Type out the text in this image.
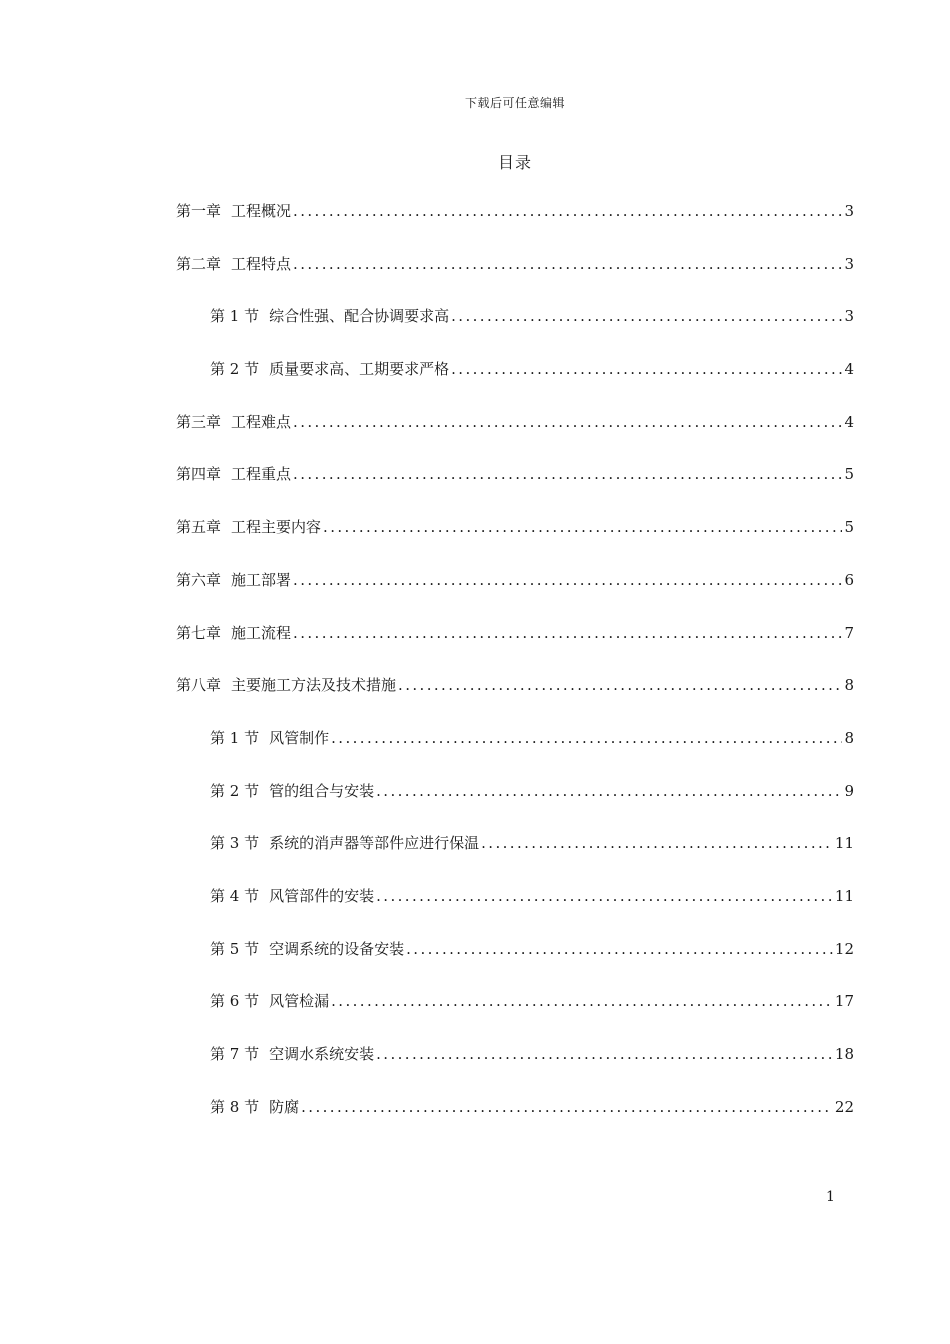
下载后可任意编辑
目录
第一章 工程概况 .....	3
第二章 工程特点 .....	3
第 1 节 综合性强、配合协调要求高 .....	3
第 2 节 质量要求高、工期要求严格 .....	4
第三章 工程难点 .....	4
第四章 工程重点 .....	5
第五章 工程主要内容 .....	5
第六章 施工部署 .....	6
第七章 施工流程 .....	7
第八章 主要施工方法及技术措施 .....	8
第 1 节 风管制作 .....	8
第 2 节 管的组合与安装 .....	9
第 3 节 系统的消声器等部件应进行保温 .....	11
第 4 节 风管部件的安装 .....	11
第 5 节 空调系统的设备安装 .....	12
第 6 节 风管检漏 .....	17
第 7 节 空调水系统安装 .....	18
第 8 节 防腐 .....	22
1
